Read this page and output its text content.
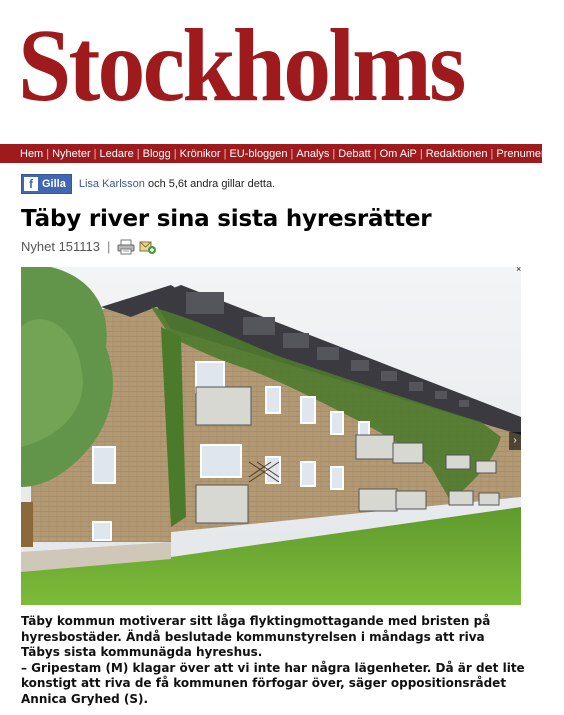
Stockholms
Hem | Nyheter | Ledare | Blogg | Krönikor | EU-bloggen | Analys | Debatt | Om AiP | Redaktionen | Prenumerera
f Gilla Lisa Karlsson och 5,6t andra gillar detta.
Täby river sina sista hyresrätter
Nyhet 151113 |
×
›

Täby kommun motiverar sitt låga flyktingmottagande med bristen på hyresbostäder. Ändå beslutade kommunstyrelsen i måndags att riva Täbys sista kommunägda hyreshus.

– Gripestam (M) klagar över att vi inte har några lägenheter. Då är det lite konstigt att riva de få kommunen förfogar över, säger oppositionsrådet Annica Gryhed (S).
